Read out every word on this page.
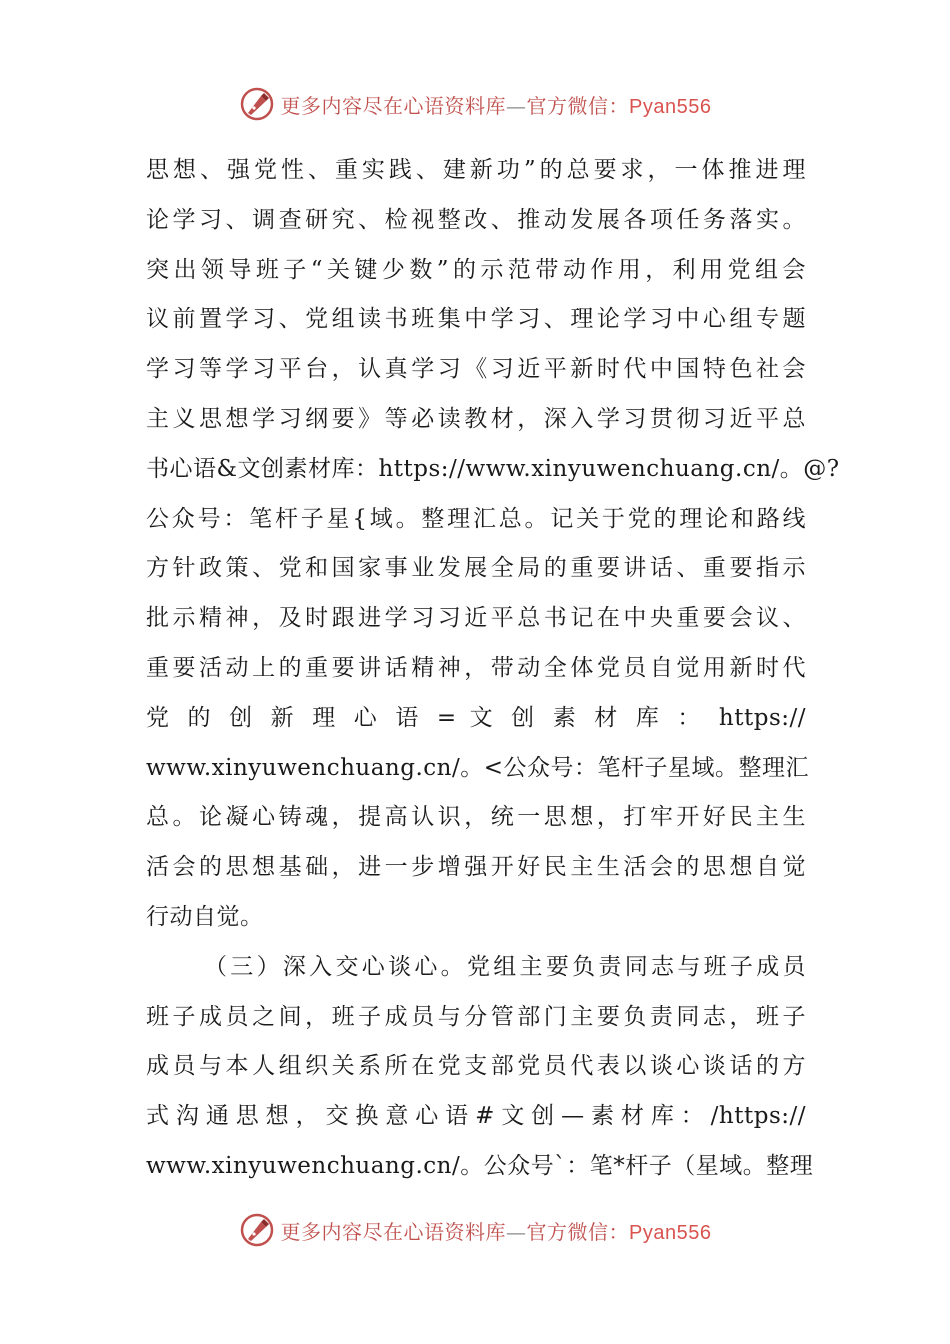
更多内容尽在心语资料库—官方微信：Pyan556
思想、强党性、重实践、建新功”的总要求，一体推进理
论学习、调查研究、检视整改、推动发展各项任务落实。
突出领导班子“关键少数”的示范带动作用，利用党组会
议前置学习、党组读书班集中学习、理论学习中心组专题
学习等学习平台，认真学习《习近平新时代中国特色社会
主义思想学习纲要》等必读教材，深入学习贯彻习近平总
书心语&文创素材库：https://www.xinyuwenchuang.cn/。@?
公众号：笔杆子星{域。整理汇总。记关于党的理论和路线
方针政策、党和国家事业发展全局的重要讲话、重要指示
批示精神，及时跟进学习习近平总书记在中央重要会议、
重要活动上的重要讲话精神，带动全体党员自觉用新时代
党 的 创 新 理 心 语 = 文 创 素 材 库 ： https://
www.xinyuwenchuang.cn/。<公众号：笔杆子星域。整理汇
总。论凝心铸魂，提高认识，统一思想，打牢开好民主生
活会的思想基础，进一步增强开好民主生活会的思想自觉
行动自觉。
（三）深入交心谈心。党组主要负责同志与班子成员
班子成员之间，班子成员与分管部门主要负责同志，班子
成员与本人组织关系所在党支部党员代表以谈心谈话的方
式沟通思想，交换意心语#文创—素材库：/https://
www.xinyuwenchuang.cn/。公众号`：笔*杆子（星域。整理
更多内容尽在心语资料库—官方微信：Pyan556
